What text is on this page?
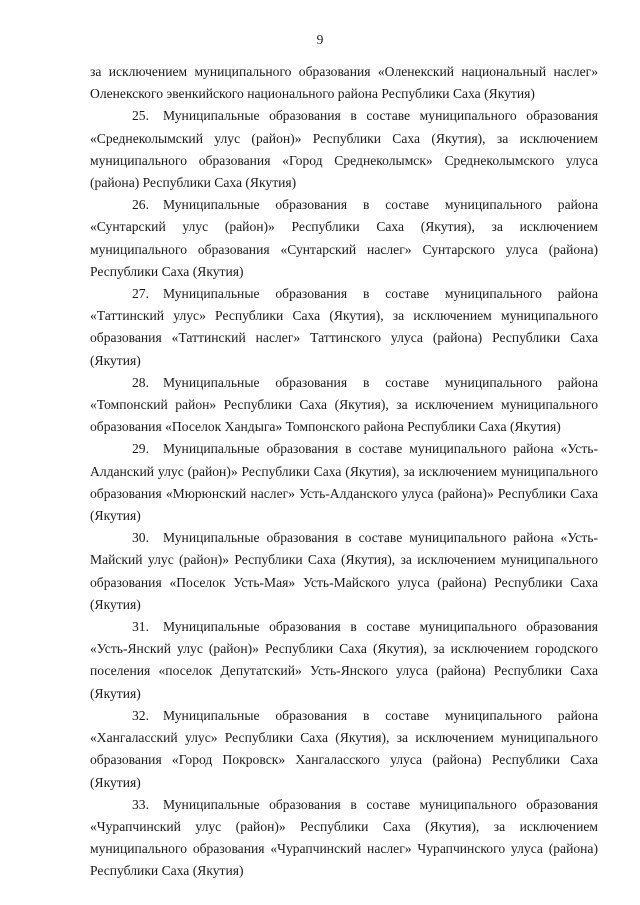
9

за исключением муниципального образования «Оленекский национальный наслег» Оленекского эвенкийского национального района Республики Саха (Якутия)

25. Муниципальные образования в составе муниципального образования «Среднеколымский улус (район)» Республики Саха (Якутия), за исключением муниципального образования «Город Среднеколымск» Среднеколымского улуса (района) Республики Саха (Якутия)

26. Муниципальные образования в составе муниципального района «Сунтарский улус (район)» Республики Саха (Якутия), за исключением муниципального образования «Сунтарский наслег» Сунтарского улуса (района) Республики Саха (Якутия)

27. Муниципальные образования в составе муниципального района «Таттинский улус» Республики Саха (Якутия), за исключением муниципального образования «Таттинский наслег» Таттинского улуса (района) Республики Саха (Якутия)

28. Муниципальные образования в составе муниципального района «Томпонский район» Республики Саха (Якутия), за исключением муниципального образования «Поселок Хандыга» Томпонского района Республики Саха (Якутия)

29. Муниципальные образования в составе муниципального района «Усть-Алданский улус (район)» Республики Саха (Якутия), за исключением муниципального образования «Мюрюнский наслег» Усть-Алданского улуса (района)» Республики Саха (Якутия)

30. Муниципальные образования в составе муниципального района «Усть-Майский улус (район)» Республики Саха (Якутия), за исключением муниципального образования «Поселок Усть-Мая» Усть-Майского улуса (района) Республики Саха (Якутия)

31. Муниципальные образования в составе муниципального образования «Усть-Янский улус (район)» Республики Саха (Якутия), за исключением городского поселения «поселок Депутатский» Усть-Янского улуса (района) Республики Саха (Якутия)

32. Муниципальные образования в составе муниципального района «Хангаласский улус» Республики Саха (Якутия), за исключением муниципального образования «Город Покровск» Хангаласского улуса (района) Республики Саха (Якутия)

33. Муниципальные образования в составе муниципального образования «Чурапчинский улус (район)» Республики Саха (Якутия), за исключением муниципального образования «Чурапчинский наслег» Чурапчинского улуса (района) Республики Саха (Якутия)
